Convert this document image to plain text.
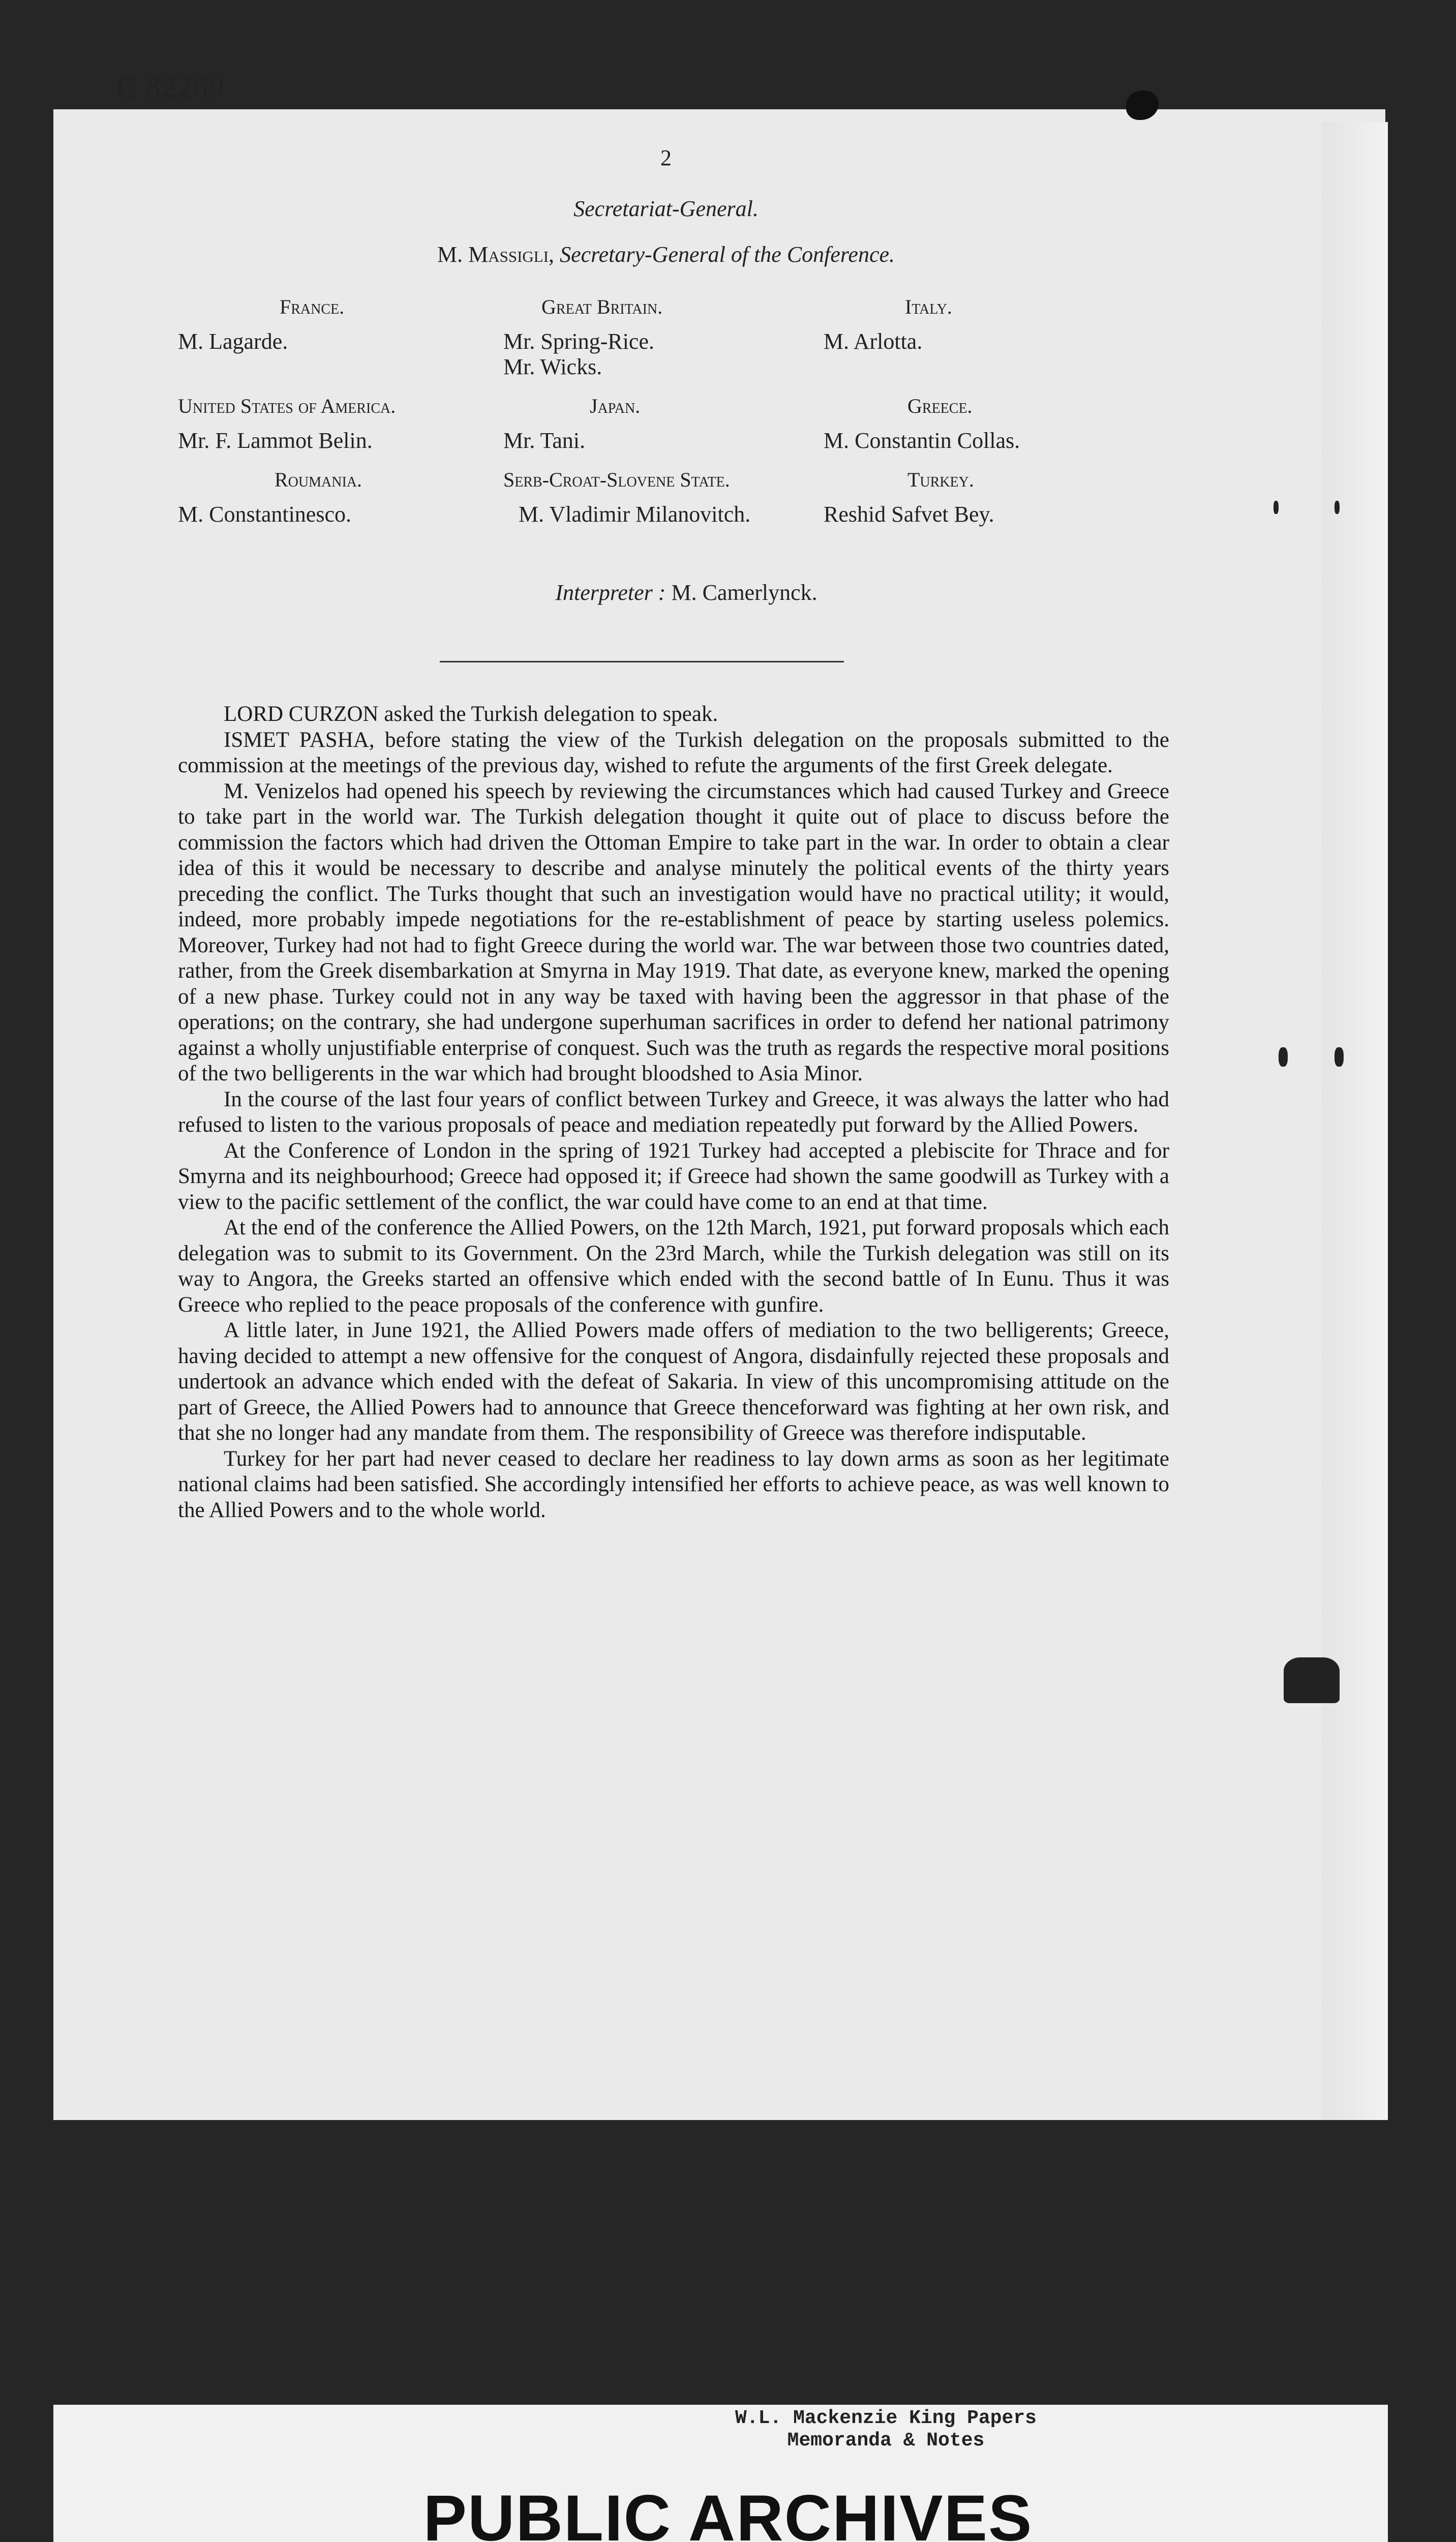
C 82269
2
Secretariat-General.
M. Massigli, Secretary-General of the Conference.
France.
M. Lagarde.
Great Britain.
Mr. Spring-Rice.
Mr. Wicks.
Italy.
M. Arlotta.
United States of America.
Mr. F. Lammot Belin.
Japan.
Mr. Tani.
Greece.
M. Constantin Collas.
Roumania.
M. Constantinesco.
Serb-Croat-Slovene State.
M. Vladimir Milanovitch.
Turkey.
Reshid Safvet Bey.
Interpreter : M. Camerlynck.

LORD CURZON asked the Turkish delegation to speak.

ISMET PASHA, before stating the view of the Turkish delegation on the proposals submitted to the commission at the meetings of the previous day, wished to refute the arguments of the first Greek delegate.

M. Venizelos had opened his speech by reviewing the circumstances which had caused Turkey and Greece to take part in the world war. The Turkish delegation thought it quite out of place to discuss before the commission the factors which had driven the Ottoman Empire to take part in the war. In order to obtain a clear idea of this it would be necessary to describe and analyse minutely the political events of the thirty years preceding the conflict. The Turks thought that such an investigation would have no practical utility; it would, indeed, more probably impede negotiations for the re-establishment of peace by starting useless polemics. Moreover, Turkey had not had to fight Greece during the world war. The war between those two countries dated, rather, from the Greek disembarkation at Smyrna in May 1919. That date, as everyone knew, marked the opening of a new phase. Turkey could not in any way be taxed with having been the aggressor in that phase of the operations; on the contrary, she had undergone superhuman sacrifices in order to defend her national patrimony against a wholly unjustifiable enterprise of conquest. Such was the truth as regards the respective moral positions of the two belligerents in the war which had brought bloodshed to Asia Minor.

In the course of the last four years of conflict between Turkey and Greece, it was always the latter who had refused to listen to the various proposals of peace and mediation repeatedly put forward by the Allied Powers.

At the Conference of London in the spring of 1921 Turkey had accepted a plebiscite for Thrace and for Smyrna and its neighbourhood; Greece had opposed it; if Greece had shown the same goodwill as Turkey with a view to the pacific settlement of the conflict, the war could have come to an end at that time.

At the end of the conference the Allied Powers, on the 12th March, 1921, put forward proposals which each delegation was to submit to its Government. On the 23rd March, while the Turkish delegation was still on its way to Angora, the Greeks started an offensive which ended with the second battle of In Eunu. Thus it was Greece who replied to the peace proposals of the conference with gunfire.

A little later, in June 1921, the Allied Powers made offers of mediation to the two belligerents; Greece, having decided to attempt a new offensive for the conquest of Angora, disdainfully rejected these proposals and undertook an advance which ended with the defeat of Sakaria. In view of this uncompromising attitude on the part of Greece, the Allied Powers had to announce that Greece thenceforward was fighting at her own risk, and that she no longer had any mandate from them. The responsibility of Greece was therefore indisputable.

Turkey for her part had never ceased to declare her readiness to lay down arms as soon as her legitimate national claims had been satisfied. She accordingly intensified her efforts to achieve peace, as was well known to the Allied Powers and to the whole world.

W.L. Mackenzie King Papers
Memoranda & Notes
PUBLIC ARCHIVES
